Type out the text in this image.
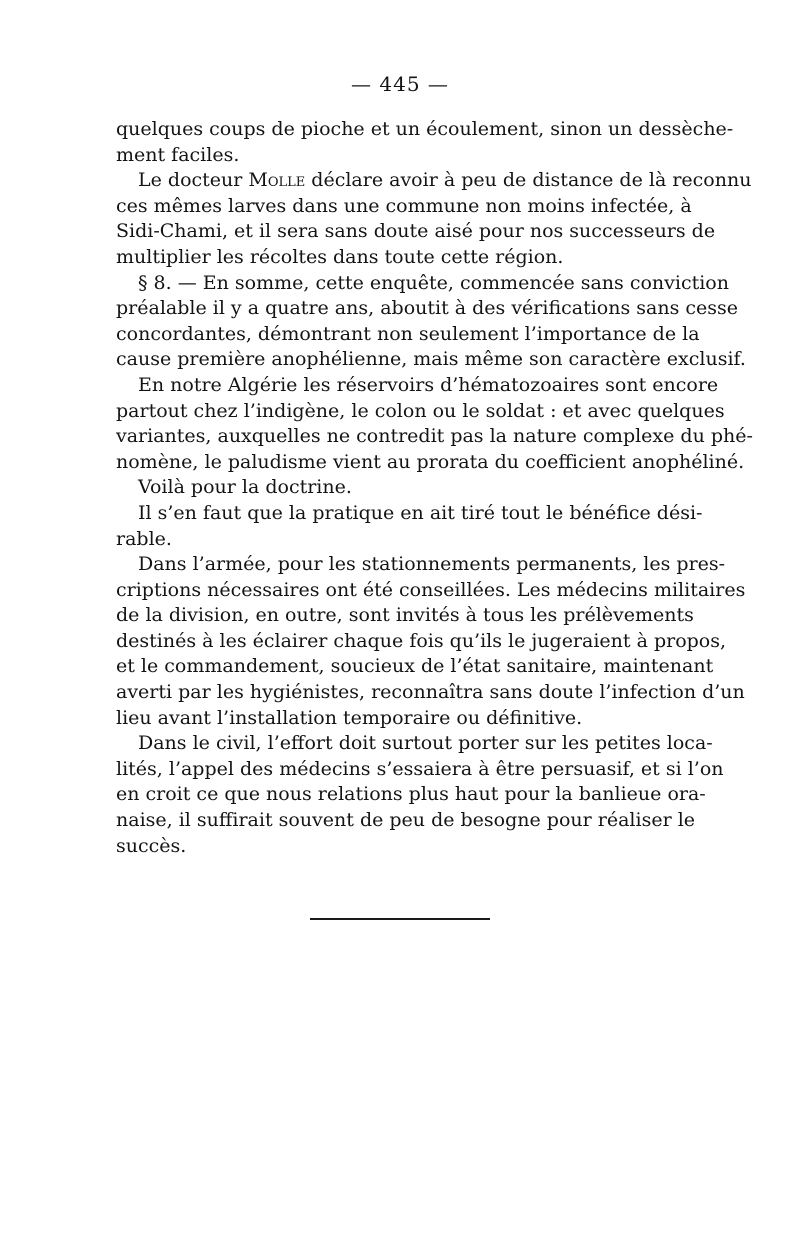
— 445 —
quelques coups de pioche et un écoulement, sinon un dessèche-
ment faciles.
Le docteur Molle déclare avoir à peu de distance de là reconnu
ces mêmes larves dans une commune non moins infectée, à
Sidi-Chami, et il sera sans doute aisé pour nos successeurs de
multiplier les récoltes dans toute cette région.
§ 8. — En somme, cette enquête, commencée sans conviction
préalable il y a quatre ans, aboutit à des vérifications sans cesse
concordantes, démontrant non seulement l’importance de la
cause première anophélienne, mais même son caractère exclusif.
En notre Algérie les réservoirs d’hématozoaires sont encore
partout chez l’indigène, le colon ou le soldat : et avec quelques
variantes, auxquelles ne contredit pas la nature complexe du phé-
nomène, le paludisme vient au prorata du coefficient anophéliné.
Voilà pour la doctrine.
Il s’en faut que la pratique en ait tiré tout le bénéfice dési-
rable.
Dans l’armée, pour les stationnements permanents, les pres-
criptions nécessaires ont été conseillées. Les médecins militaires
de la division, en outre, sont invités à tous les prélèvements
destinés à les éclairer chaque fois qu’ils le jugeraient à propos,
et le commandement, soucieux de l’état sanitaire, maintenant
averti par les hygiénistes, reconnaîtra sans doute l’infection d’un
lieu avant l’installation temporaire ou définitive.
Dans le civil, l’effort doit surtout porter sur les petites loca-
lités, l’appel des médecins s’essaiera à être persuasif, et si l’on
en croit ce que nous relations plus haut pour la banlieue ora-
naise, il suffirait souvent de peu de besogne pour réaliser le
succès.
